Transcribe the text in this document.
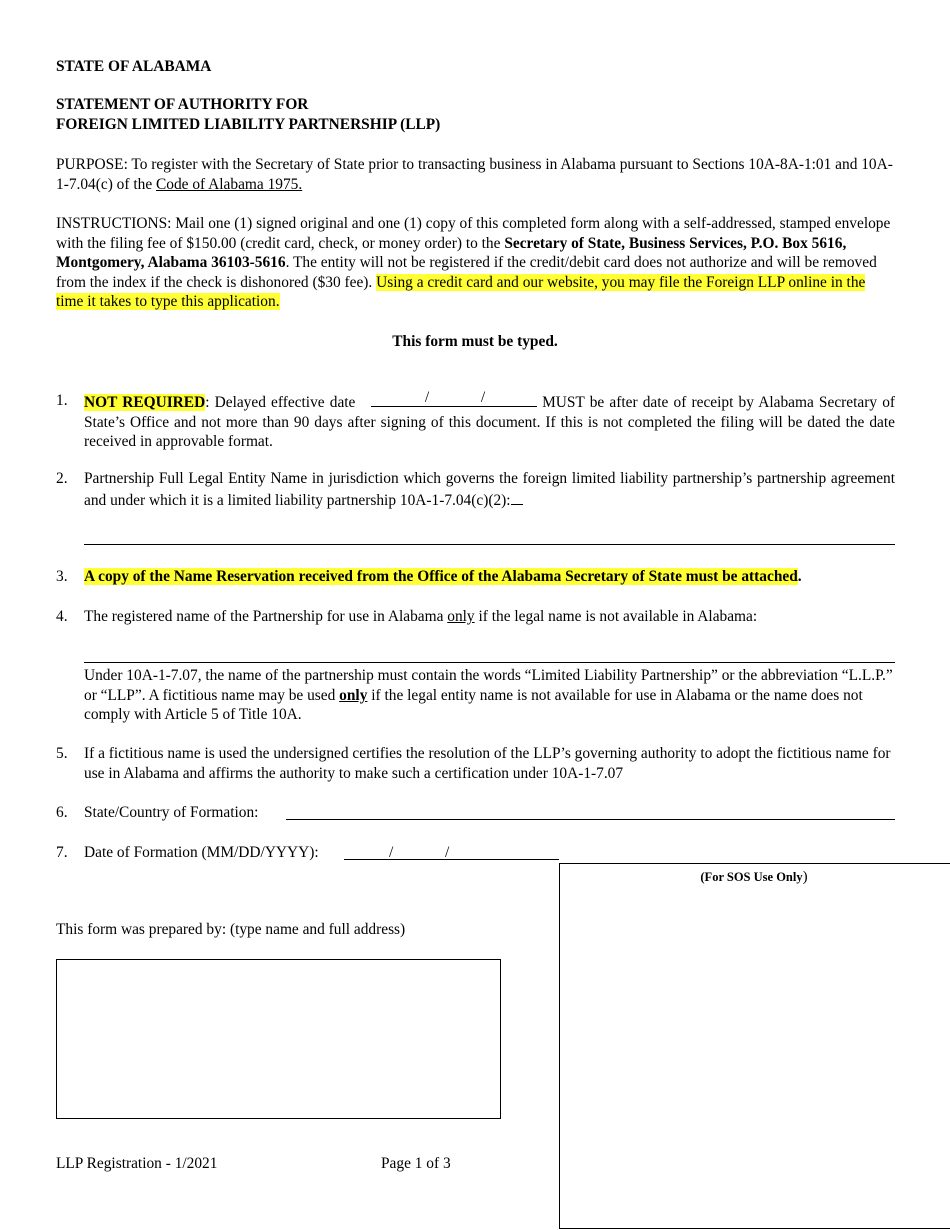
STATE OF ALABAMA
STATEMENT OF AUTHORITY FOR
FOREIGN LIMITED LIABILITY PARTNERSHIP (LLP)
PURPOSE: To register with the Secretary of State prior to transacting business in Alabama pursuant to Sections 10A-8A-1:01 and 10A-1-7.04(c) of the Code of Alabama 1975.
INSTRUCTIONS: Mail one (1) signed original and one (1) copy of this completed form along with a self-addressed, stamped envelope with the filing fee of $150.00 (credit card, check, or money order) to the Secretary of State, Business Services, P.O. Box 5616, Montgomery, Alabama 36103-5616. The entity will not be registered if the credit/debit card does not authorize and will be removed from the index if the check is dishonored ($30 fee). Using a credit card and our website, you may file the Foreign LLP online in the time it takes to type this application.
This form must be typed.
1.	NOT REQUIRED: Delayed effective date	/	/	MUST be after date of receipt by Alabama Secretary of State’s Office and not more than 90 days after signing of this document. If this is not completed the filing will be dated the date received in approvable format.
2.	Partnership Full Legal Entity Name in jurisdiction which governs the foreign limited liability partnership’s partnership agreement and under which it is a limited liability partnership 10A-1-7.04(c)(2):
3.	A copy of the Name Reservation received from the Office of the Alabama Secretary of State must be attached.
4.	The registered name of the Partnership for use in Alabama only if the legal name is not available in Alabama:
Under 10A-1-7.07, the name of the partnership must contain the words “Limited Liability Partnership” or the abbreviation “L.L.P.” or “LLP”. A fictitious name may be used only if the legal entity name is not available for use in Alabama or the name does not comply with Article 5 of Title 10A.
5.	If a fictitious name is used the undersigned certifies the resolution of the LLP’s governing authority to adopt the fictitious name for use in Alabama and affirms the authority to make such a certification under 10A-1-7.07
6.	State/Country of Formation:
7.	Date of Formation (MM/DD/YYYY):	/	/
(For SOS Use Only)
This form was prepared by: (type name and full address)
LLP Registration - 1/2021	Page 1 of 3
